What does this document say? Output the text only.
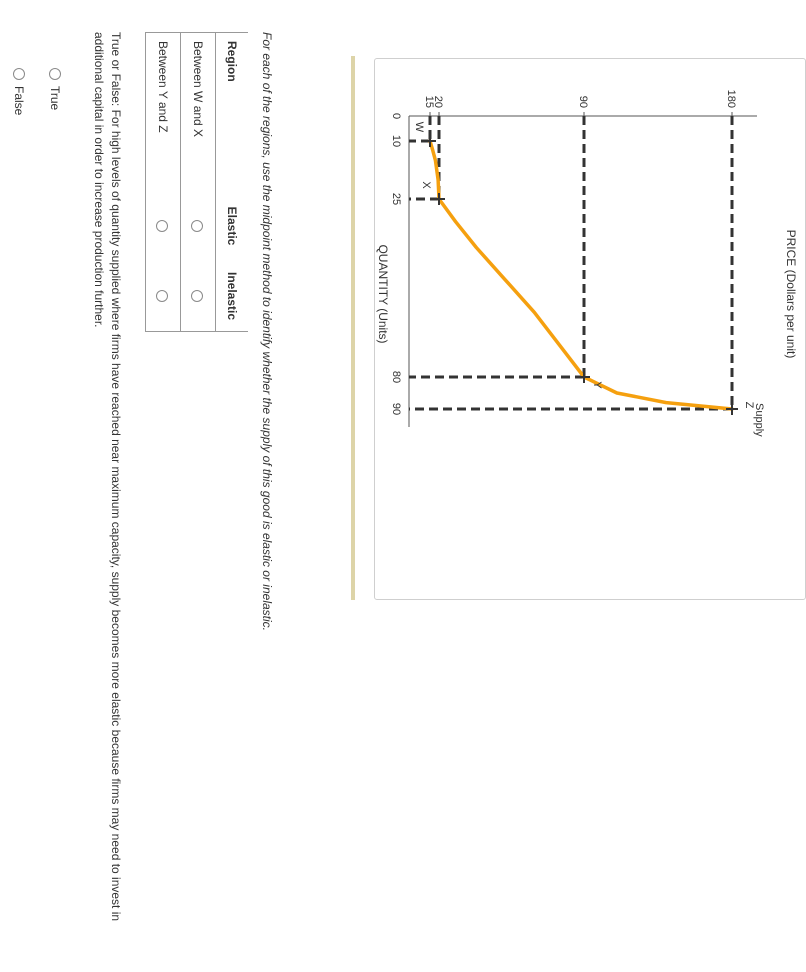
W
X
Y
Z
15
20	90	180
0
10
25
80
90
PRICE (Dollars per unit)
QUANTITY (Units)
Supply

For each of the regions, use the midpoint method to identify whether the supply of this good is elastic or inelastic.

Region	Elastic	Inelastic
Between W and X		
Between Y and Z		

True or False: For high levels of quantity supplied where firms have reached near maximum capacity, supply becomes more elastic because firms may need to invest in additional capital in order to increase production further.

True
False
